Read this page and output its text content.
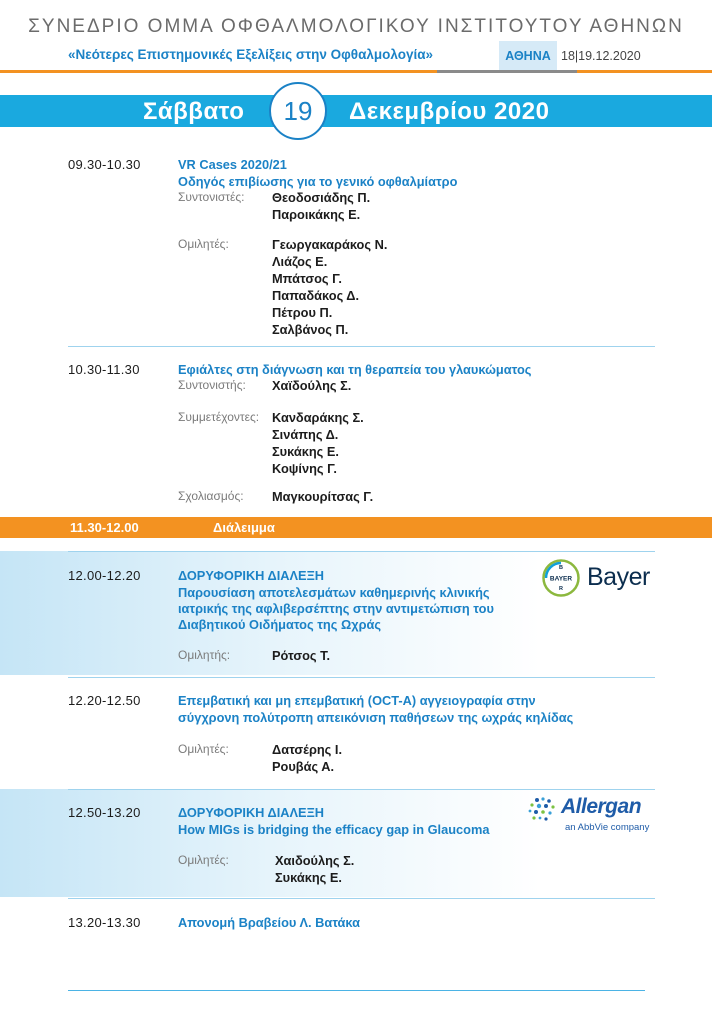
ΣΥΝΕΔΡΙΟ ΟΜΜΑ ΟΦΘΑΛΜΟΛΟΓΙΚΟΥ ΙΝΣΤΙΤΟΥΤΟΥ ΑΘΗΝΩΝ
«Νεότερες Επιστημονικές Εξελίξεις στην Οφθαλμολογία»	ΑΘΗΝΑ 18|19.12.2020
Σάββατο	19	Δεκεμβρίου 2020
09.30-10.30	VR Cases 2020/21
Οδηγός επιβίωσης για το γενικό οφθαλμίατρο
Συντονιστές: Θεοδοσιάδης Π.
Παροικάκης Ε.
Ομιλητές:	Γεωργακαράκος Ν.
Λιάζος Ε.
Μπάτσος Γ.
Παπαδάκος Δ.
Πέτρου Π.
Σαλβάνος Π.
10.30-11.30	Εφιάλτες στη διάγνωση και τη θεραπεία του γλαυκώματος
Συντονιστής: Χαϊδούλης Σ.
Συμμετέχοντες: Κανδαράκης Σ.
Σινάπης Δ.
Συκάκης Ε.
Κοψίνης Γ.
Σχολιασμός: Μαγκουρίτσας Γ.
11.30-12.00	Διάλειμμα
12.00-12.20	ΔΟΡΥΦΟΡΙΚΗ ΔΙΑΛΕΞΗ
Παρουσίαση αποτελεσμάτων καθημερινής κλινικής
ιατρικής της αφλιβερσέπτης στην αντιμετώπιση του
Διαβητικού Οιδήματος της Ωχράς
Ομιλητής:	Ρότσος Τ.
BAYER
B
R Bayer
12.20-12.50	Επεμβατική και μη επεμβατική (OCT-A) αγγειογραφία στην
σύγχρονη πολύτροπη απεικόνιση παθήσεων της ωχράς κηλίδας
Ομιλητές:	Δατσέρης Ι.
Ρουβάς Α.
12.50-13.20	ΔΟΡΥΦΟΡΙΚΗ ΔΙΑΛΕΞΗ
How MIGs is bridging the efficacy gap in Glaucoma
Ομιλητές:	Χαιδούλης Σ.
Συκάκης Ε.
Allergan
an AbbVie company
13.20-13.30	Απονομή Βραβείου Λ. Βατάκα
